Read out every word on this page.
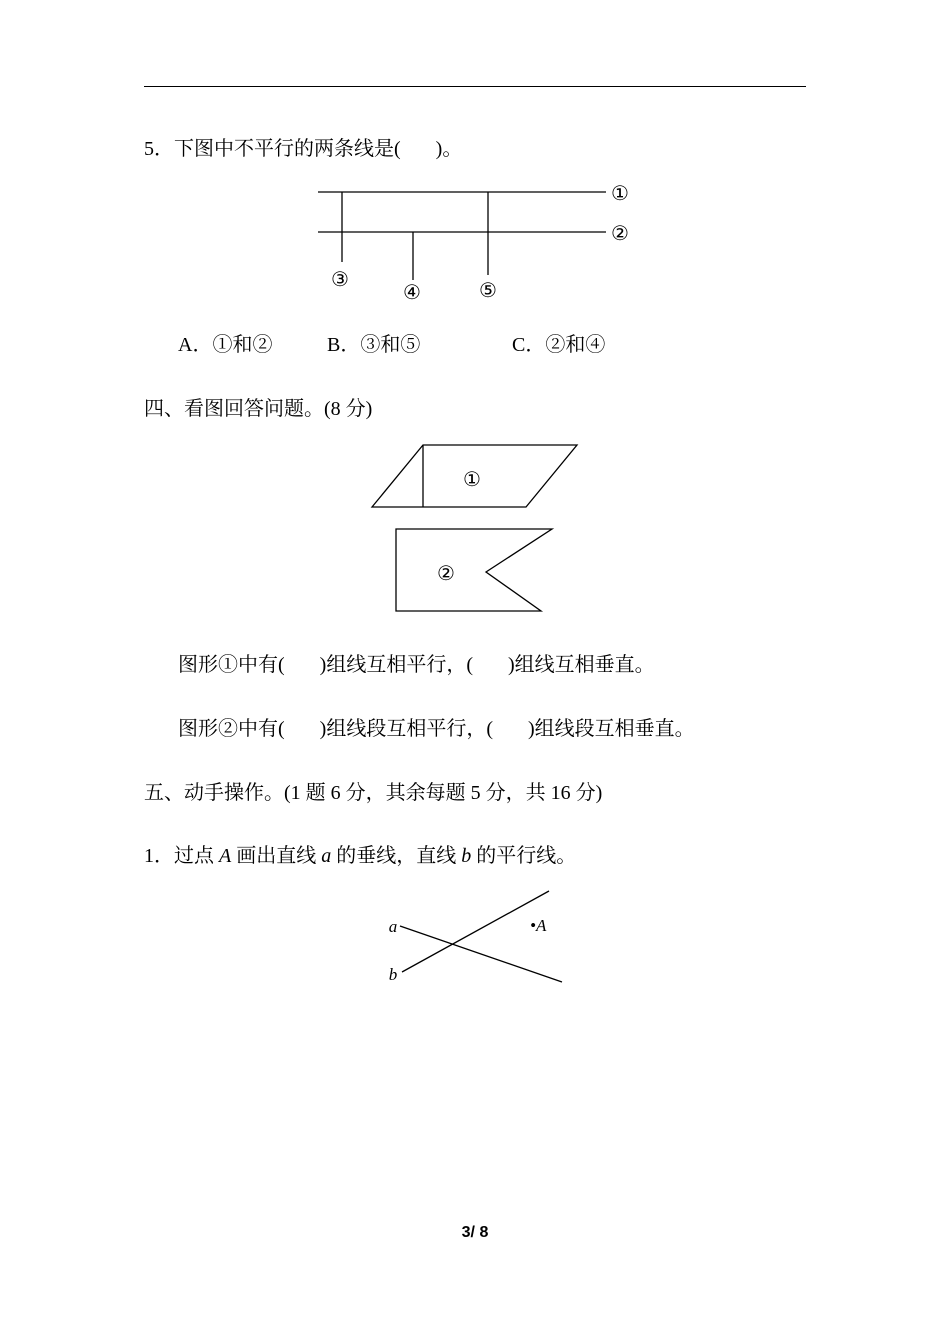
5．下图中不平行的两条线是( )。
①
②
③
④	⑤
A．①和②	B．③和⑤	C．②和④
四、看图回答问题。(8 分)
①
②
图形①中有( )组线互相平行，( )组线互相垂直。
图形②中有( )组线段互相平行，( )组线段互相垂直。
五、动手操作。(1 题 6 分，其余每题 5 分，共 16 分)
1．过点 A 画出直线 a 的垂线，直线 b 的平行线。
a
b
•A
3/ 8
